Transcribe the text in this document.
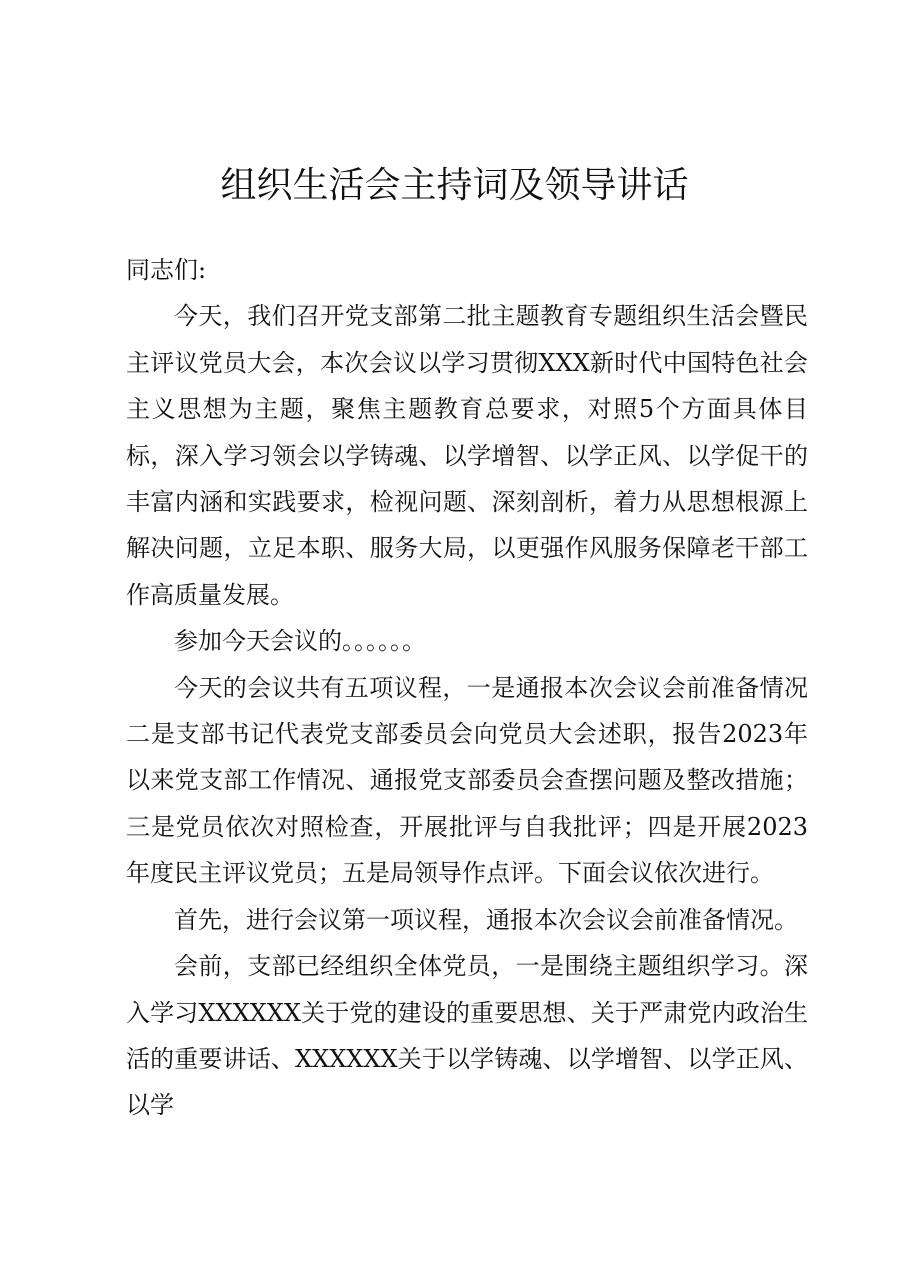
组织生活会主持词及领导讲话

同志们:

今天，我们召开党支部第二批主题教育专题组织生活会暨民主评议党员大会，本次会议以学习贯彻XXX新时代中国特色社会主义思想为主题，聚焦主题教育总要求，对照5个方面具体目标，深入学习领会以学铸魂、以学增智、以学正风、以学促干的丰富内涵和实践要求，检视问题、深刻剖析，着力从思想根源上解决问题，立足本职、服务大局，以更强作风服务保障老干部工作高质量发展。

参加今天会议的。。。。。。

今天的会议共有五项议程，一是通报本次会议会前准备情况二是支部书记代表党支部委员会向党员大会述职，报告2023年以来党支部工作情况、通报党支部委员会查摆问题及整改措施；三是党员依次对照检查，开展批评与自我批评；四是开展2023年度民主评议党员；五是局领导作点评。下面会议依次进行。

首先，进行会议第一项议程，通报本次会议会前准备情况。

会前，支部已经组织全体党员，一是围绕主题组织学习。深入学习XXXXXX关于党的建设的重要思想、关于严肃党内政治生活的重要讲话、XXXXXX关于以学铸魂、以学增智、以学正风、以学
